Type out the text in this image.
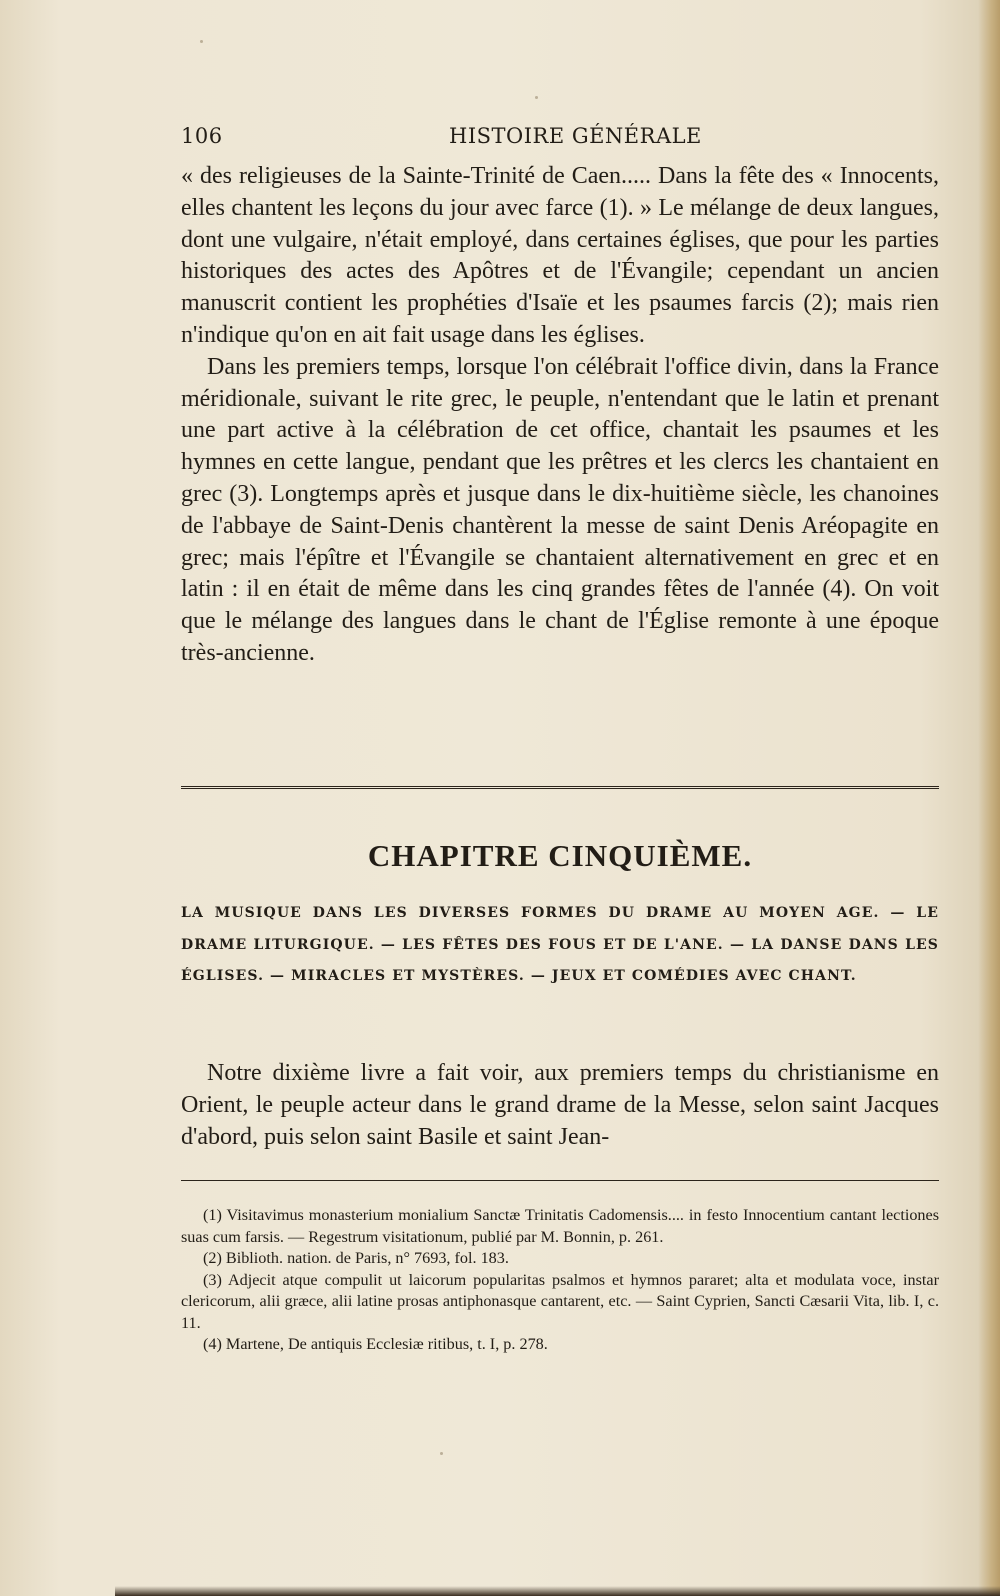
106	HISTOIRE GÉNÉRALE

« des religieuses de la Sainte-Trinité de Caen..... Dans la fête des « Innocents, elles chantent les leçons du jour avec farce (1). » Le mélange de deux langues, dont une vulgaire, n'était employé, dans certaines églises, que pour les parties historiques des actes des Apôtres et de l'Évangile; cependant un ancien manuscrit contient les prophéties d'Isaïe et les psaumes farcis (2); mais rien n'indique qu'on en ait fait usage dans les églises.

Dans les premiers temps, lorsque l'on célébrait l'office divin, dans la France méridionale, suivant le rite grec, le peuple, n'entendant que le latin et prenant une part active à la célébration de cet office, chantait les psaumes et les hymnes en cette langue, pendant que les prêtres et les clercs les chantaient en grec (3). Longtemps après et jusque dans le dix-huitième siècle, les chanoines de l'abbaye de Saint-Denis chantèrent la messe de saint Denis Aréopagite en grec; mais l'épître et l'Évangile se chantaient alternativement en grec et en latin : il en était de même dans les cinq grandes fêtes de l'année (4). On voit que le mélange des langues dans le chant de l'Église remonte à une époque très-ancienne.

CHAPITRE CINQUIÈME.

LA MUSIQUE DANS LES DIVERSES FORMES DU DRAME AU MOYEN AGE. — LE DRAME LITURGIQUE. — LES FÊTES DES FOUS ET DE L'ANE. — LA DANSE DANS LES ÉGLISES. — MIRACLES ET MYSTÈRES. — JEUX ET COMÉDIES AVEC CHANT.

Notre dixième livre a fait voir, aux premiers temps du christianisme en Orient, le peuple acteur dans le grand drame de la Messe, selon saint Jacques d'abord, puis selon saint Basile et saint Jean-

(1) Visitavimus monasterium monialium Sanctæ Trinitatis Cadomensis.... in festo Innocentium cantant lectiones suas cum farsis. — Regestrum visitationum, publié par M. Bonnin, p. 261.

(2) Biblioth. nation. de Paris, n° 7693, fol. 183.

(3) Adjecit atque compulit ut laicorum popularitas psalmos et hymnos pararet; alta et modulata voce, instar clericorum, alii græce, alii latine prosas antiphonasque cantarent, etc. — Saint Cyprien, Sancti Cæsarii Vita, lib. I, c. 11.

(4) Martene, De antiquis Ecclesiæ ritibus, t. I, p. 278.
